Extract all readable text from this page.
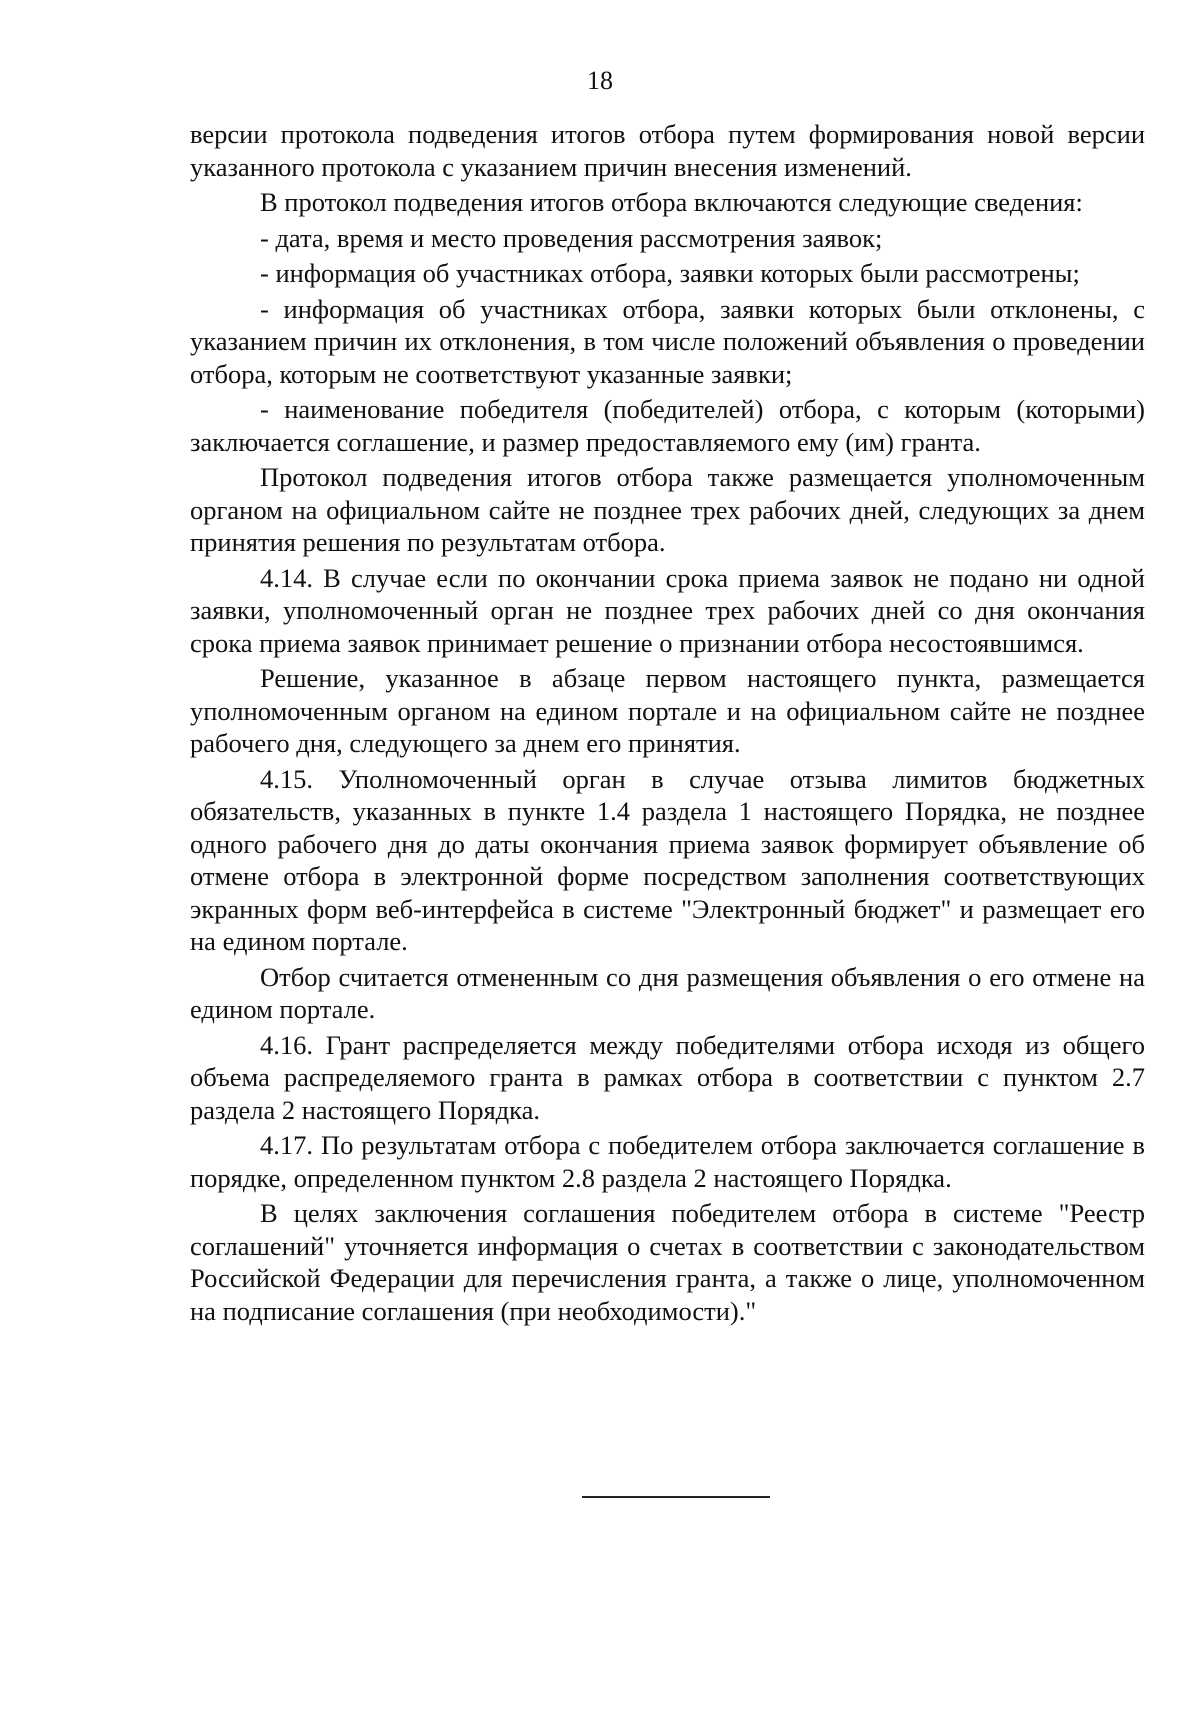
18

версии протокола подведения итогов отбора путем формирования новой версии указанного протокола с указанием причин внесения изменений.

В протокол подведения итогов отбора включаются следующие сведения:

- дата, время и место проведения рассмотрения заявок;

- информация об участниках отбора, заявки которых были рассмотрены;

- информация об участниках отбора, заявки которых были отклонены, с указанием причин их отклонения, в том числе положений объявления о проведении отбора, которым не соответствуют указанные заявки;

- наименование победителя (победителей) отбора, с которым (которыми) заключается соглашение, и размер предоставляемого ему (им) гранта.

Протокол подведения итогов отбора также размещается уполномоченным органом на официальном сайте не позднее трех рабочих дней, следующих за днем принятия решения по результатам отбора.

4.14. В случае если по окончании срока приема заявок не подано ни одной заявки, уполномоченный орган не позднее трех рабочих дней со дня окончания срока приема заявок принимает решение о признании отбора несостоявшимся.

Решение, указанное в абзаце первом настоящего пункта, размещается уполномоченным органом на едином портале и на официальном сайте не позднее рабочего дня, следующего за днем его принятия.

4.15. Уполномоченный орган в случае отзыва лимитов бюджетных обязательств, указанных в пункте 1.4 раздела 1 настоящего Порядка, не позднее одного рабочего дня до даты окончания приема заявок формирует объявление об отмене отбора в электронной форме посредством заполнения соответствующих экранных форм веб-интерфейса в системе "Электронный бюджет" и размещает его на едином портале.

Отбор считается отмененным со дня размещения объявления о его отмене на едином портале.

4.16. Грант распределяется между победителями отбора исходя из общего объема распределяемого гранта в рамках отбора в соответствии с пунктом 2.7 раздела 2 настоящего Порядка.

4.17. По результатам отбора с победителем отбора заключается соглашение в порядке, определенном пунктом 2.8 раздела 2 настоящего Порядка.

В целях заключения соглашения победителем отбора в системе "Реестр соглашений" уточняется информация о счетах в соответствии с законодательством Российской Федерации для перечисления гранта, а также о лице, уполномоченном на подписание соглашения (при необходимости)."
